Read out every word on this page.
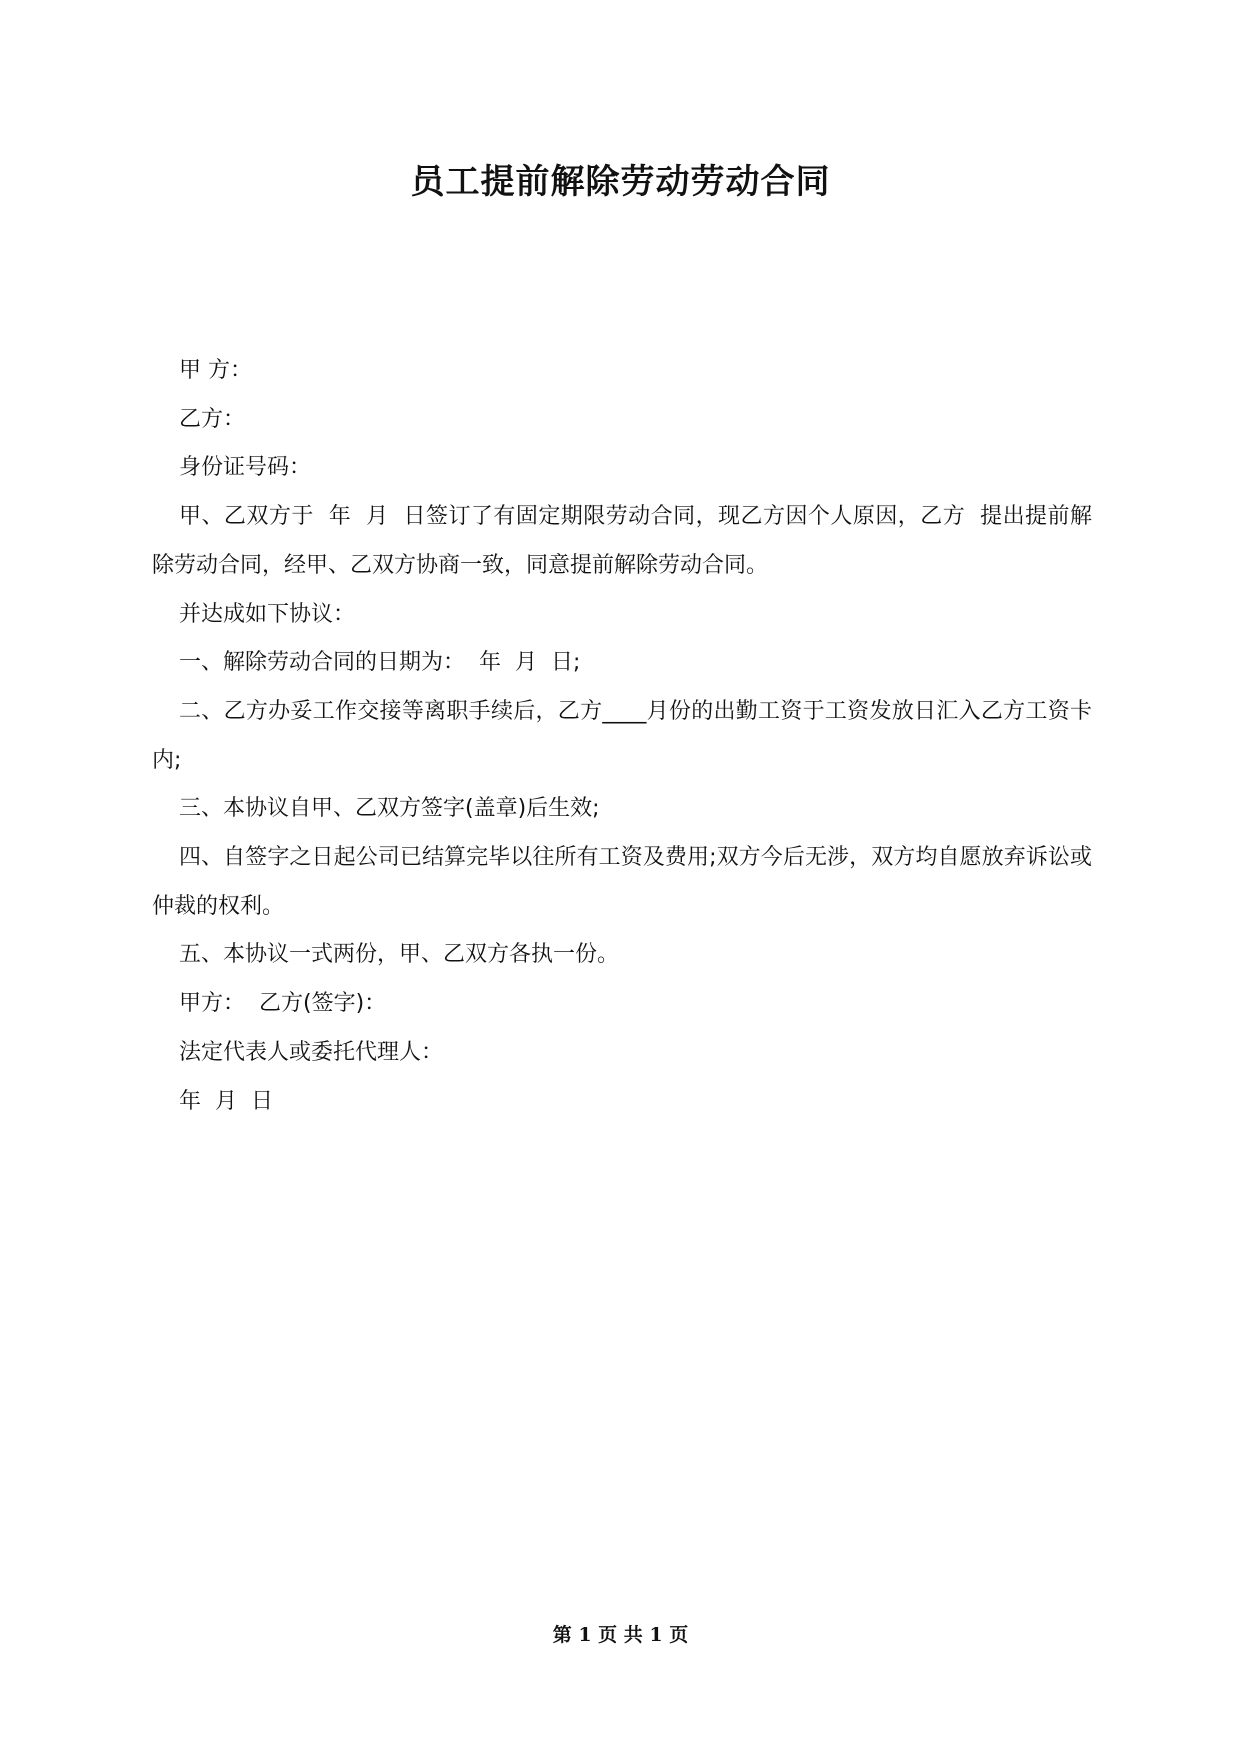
员工提前解除劳动劳动合同

甲 方：

乙方：

身份证号码：

甲、乙双方于  年  月  日签订了有固定期限劳动合同，现乙方因个人原因，乙方  提出提前解除劳动合同，经甲、乙双方协商一致，同意提前解除劳动合同。

并达成如下协议：

一、解除劳动合同的日期为：  年  月  日;

二、乙方办妥工作交接等离职手续后，乙方____月份的出勤工资于工资发放日汇入乙方工资卡内;

三、本协议自甲、乙双方签字(盖章)后生效;

四、自签字之日起公司已结算完毕以往所有工资及费用;双方今后无涉，双方均自愿放弃诉讼或仲裁的权利。

五、本协议一式两份，甲、乙双方各执一份。

甲方：  乙方(签字)：

法定代表人或委托代理人：

年  月  日

第 1 页 共 1 页
